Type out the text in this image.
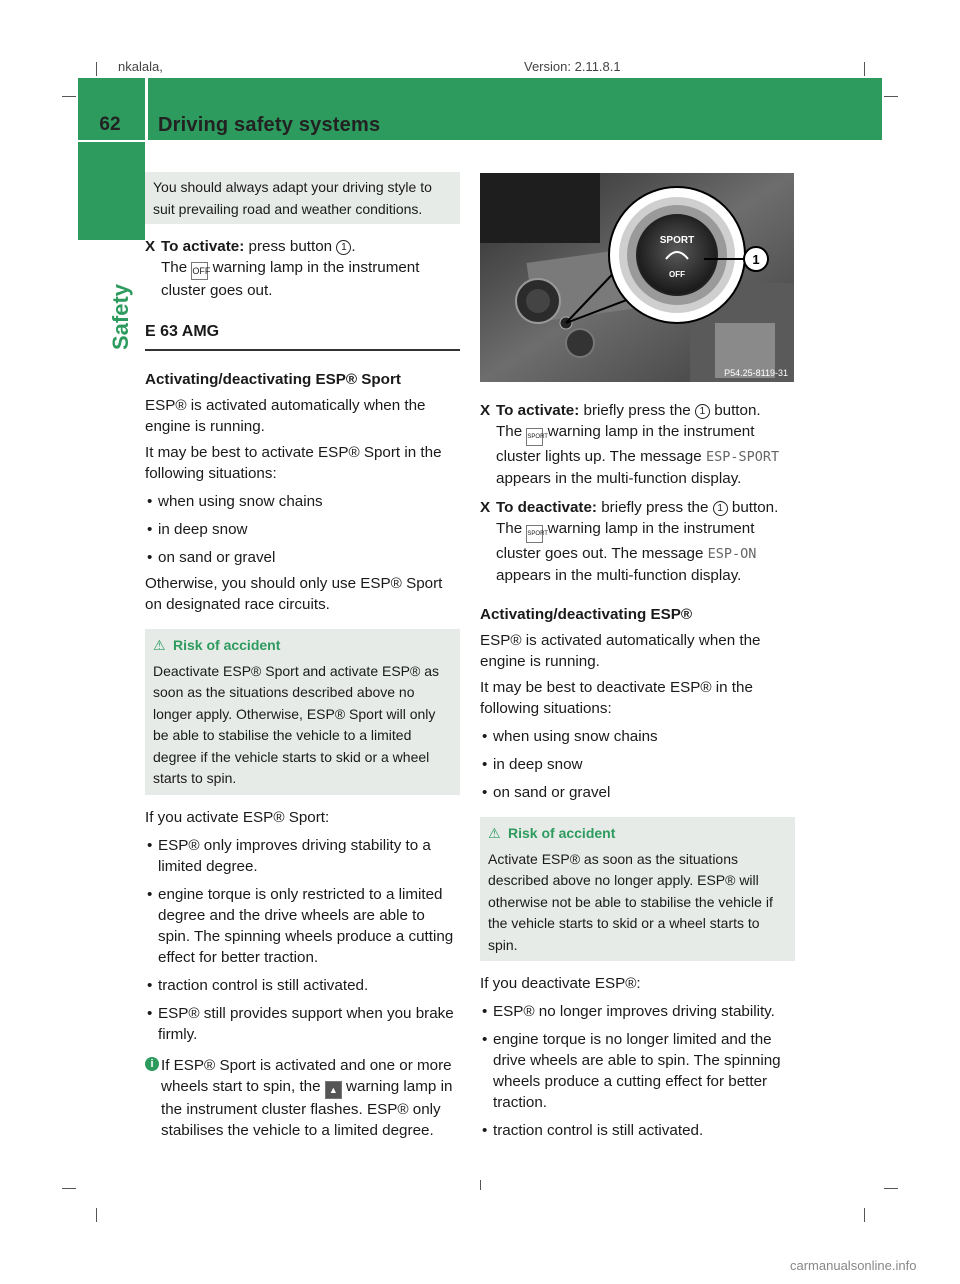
nkalala,	Version: 2.11.8.1
62	Driving safety systems
Safety
You should always adapt your driving style to suit prevailing road and weather conditions.
X To activate: press button 1 .
The OFF warning lamp in the instrument cluster goes out.
E 63 AMG

Activating/deactivating ESP® Sport

ESP® is activated automatically when the engine is running.

It may be best to activate ESP® Sport in the following situations:

• when using snow chains
• in deep snow
• on sand or gravel

Otherwise, you should only use ESP® Sport on designated race circuits.

⚠ Risk of accident
Deactivate ESP® Sport and activate ESP® as soon as the situations described above no longer apply. Otherwise, ESP® Sport will only be able to stabilise the vehicle to a limited degree if the vehicle starts to skid or a wheel starts to spin.

If you activate ESP® Sport:

• ESP® only improves driving stability to a limited degree.
• engine torque is only restricted to a limited degree and the drive wheels are able to spin. The spinning wheels produce a cutting effect for better traction.
• traction control is still activated.
• ESP® still provides support when you brake firmly.
i If ESP® Sport is activated and one or more wheels start to spin, the ▲ warning lamp in the instrument cluster flashes. ESP® only stabilises the vehicle to a limited degree.
SPORT
OFF
1
P54.25-8119-31
X To activate: briefly press the 1 button.
The SPORT warning lamp in the instrument cluster lights up. The message ESP-SPORT appears in the multi-function display.
X To deactivate: briefly press the 1 button.
The SPORT warning lamp in the instrument cluster goes out. The message ESP-ON appears in the multi-function display.

Activating/deactivating ESP®

ESP® is activated automatically when the engine is running.

It may be best to deactivate ESP® in the following situations:

• when using snow chains
• in deep snow
• on sand or gravel
⚠ Risk of accident
Activate ESP® as soon as the situations described above no longer apply. ESP® will otherwise not be able to stabilise the vehicle if the vehicle starts to skid or a wheel starts to spin.

If you deactivate ESP®:

• ESP® no longer improves driving stability.
• engine torque is no longer limited and the drive wheels are able to spin. The spinning wheels produce a cutting effect for better traction.
• traction control is still activated.
carmanualsonline.info
